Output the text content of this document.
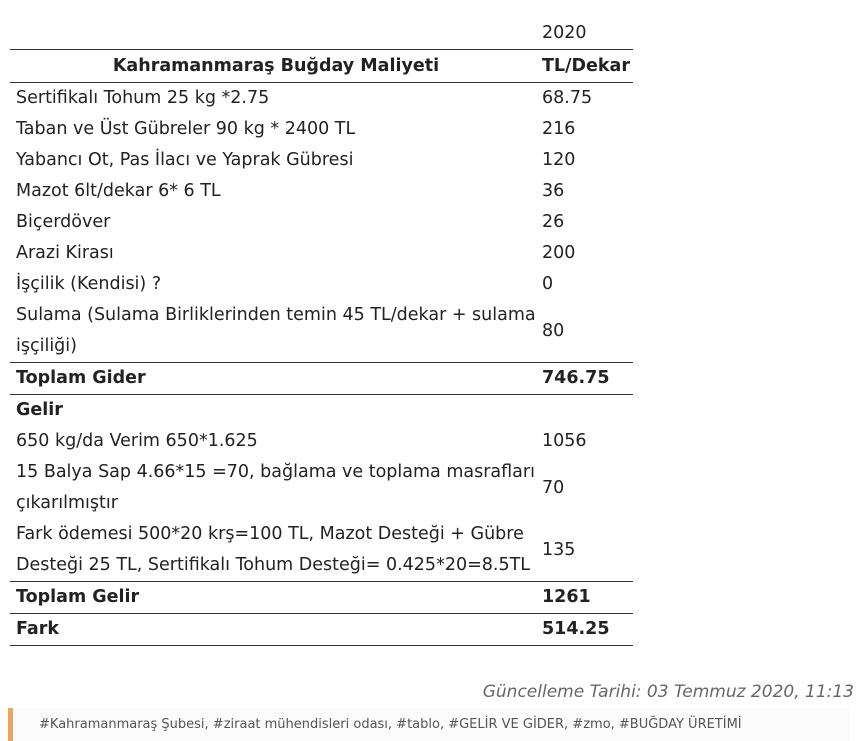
	2020
Kahramanmaraş Buğday Maliyeti	TL/Dekar
Sertifikalı Tohum 25 kg *2.75	68.75
Taban ve Üst Gübreler 90 kg * 2400 TL	216
Yabancı Ot, Pas İlacı ve Yaprak Gübresi	120
Mazot 6lt/dekar 6* 6 TL	36
Biçerdöver	26
Arazi Kirası	200
İşçilik (Kendisi) ?	0
Sulama (Sulama Birliklerinden temin 45 TL/dekar + sulama işçiliği)	80
Toplam Gider	746.75
Gelir	
650 kg/da Verim 650*1.625	1056
15 Balya Sap 4.66*15 =70, bağlama ve toplama masrafları çıkarılmıştır	70
Fark ödemesi 500*20 krş=100 TL, Mazot Desteği + Gübre Desteği 25 TL, Sertifikalı Tohum Desteği= 0.425*20=8.5TL	135
Toplam Gelir	1261
Fark	514.25
Güncelleme Tarihi: 03 Temmuz 2020, 11:13
#Kahramanmaraş Şubesi, #ziraat mühendisleri odası, #tablo, #GELİR VE GİDER, #zmo, #BUĞDAY ÜRETİMİ
